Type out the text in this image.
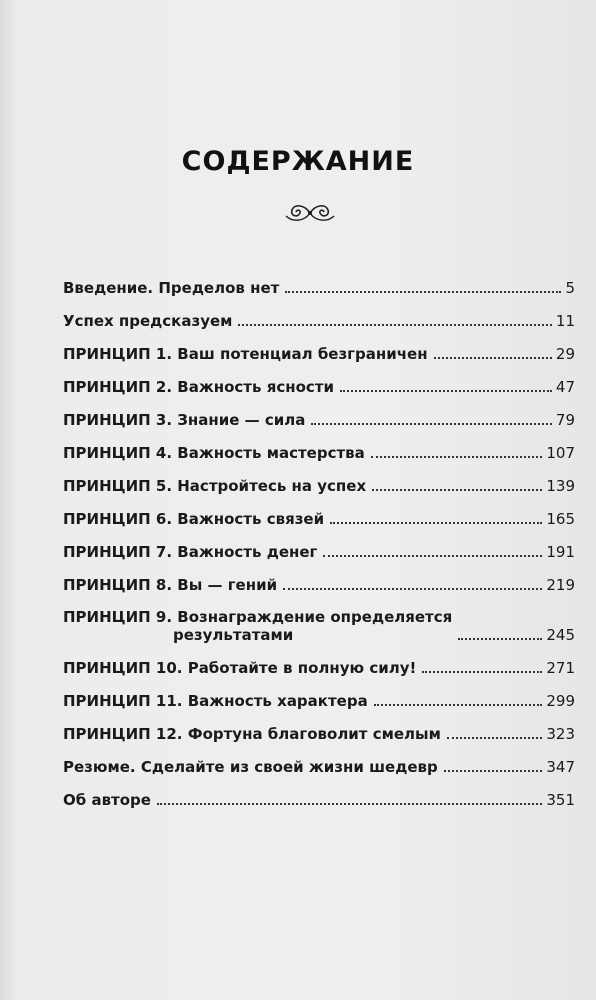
СОДЕРЖАНИЕ
Введение. Пределов нет	5
Успех предсказуем	11
ПРИНЦИП 1. Ваш потенциал безграничен	29
ПРИНЦИП 2. Важность ясности	47
ПРИНЦИП 3. Знание — сила	79
ПРИНЦИП 4. Важность мастерства	107
ПРИНЦИП 5. Настройтесь на успех	139
ПРИНЦИП 6. Важность связей	165
ПРИНЦИП 7. Важность денег	191
ПРИНЦИП 8. Вы — гений	219
ПРИНЦИП 9. Вознаграждение определяется
результатами	245
ПРИНЦИП 10. Работайте в полную силу!	271
ПРИНЦИП 11. Важность характера	299
ПРИНЦИП 12. Фортуна благоволит смелым	323
Резюме. Сделайте из своей жизни шедевр	347
Об авторе	351
